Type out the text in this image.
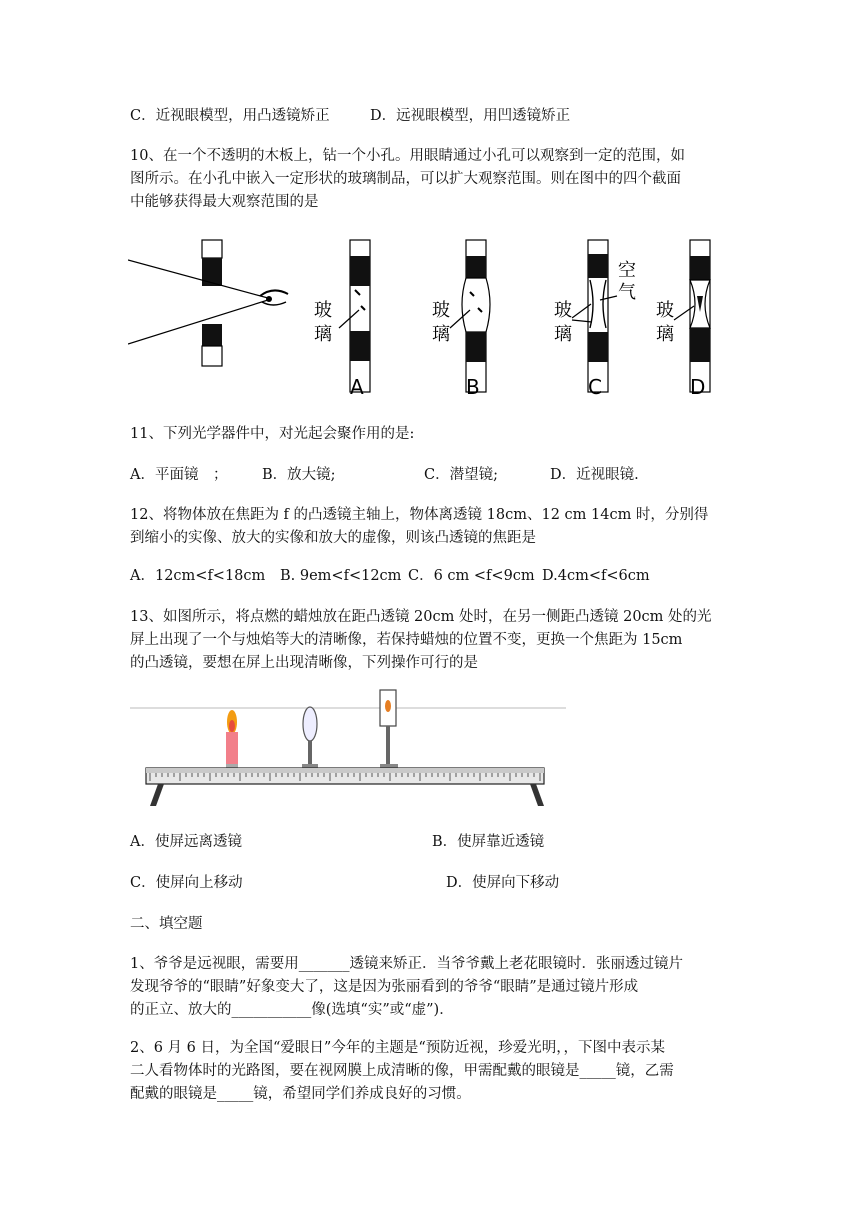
C．近视眼模型，用凸透镜矫正	D．远视眼模型，用凹透镜矫正
10、在一个不透明的木板上，钻一个小孔。用眼睛通过小孔可以观察到一定的范围，如
图所示。在小孔中嵌入一定形状的玻璃制品，可以扩大观察范围。则在图中的四个截面
中能够获得最大观察范围的是
玻
璃
A
玻
璃
B
空
气
玻
璃
C
玻
璃
D
11、下列光学器件中，对光起会聚作用的是:
A．平面镜　； B．放大镜;	C．潜望镜;	D．近视眼镜.
12、将物体放在焦距为 f 的凸透镜主轴上，物体离透镜 18cm、12 cm 14cm 时，分别得
到缩小的实像、放大的实像和放大的虚像，则该凸透镜的焦距是
A．12cm<f<18cm B. 9em<f<12cm C．6 cm <f<9cm D.4cm<f<6cm
13、如图所示，将点燃的蜡烛放在距凸透镜 20cm 处时，在另一侧距凸透镜 20cm 处的光
屏上出现了一个与烛焰等大的清晰像，若保持蜡烛的位置不变，更换一个焦距为 15cm
的凸透镜，要想在屏上出现清晰像，下列操作可行的是
A．使屏远离透镜	B．使屏靠近透镜
C．使屏向上移动	D．使屏向下移动
二、填空题
1、爷爷是远视眼，需要用_______透镜来矫正．当爷爷戴上老花眼镜时．张丽透过镜片
发现爷爷的“眼睛”好象变大了，这是因为张丽看到的爷爷“眼睛”是通过镜片形成
的正立、放大的___________像(选填“实”或“虚”)．
2、6 月 6 日，为全国“爱眼日”今年的主题是“预防近视，珍爱光明，，下图中表示某
二人看物体时的光路图，要在视网膜上成清晰的像，甲需配戴的眼镜是_____镜，乙需
配戴的眼镜是_____镜，希望同学们养成良好的习惯。
